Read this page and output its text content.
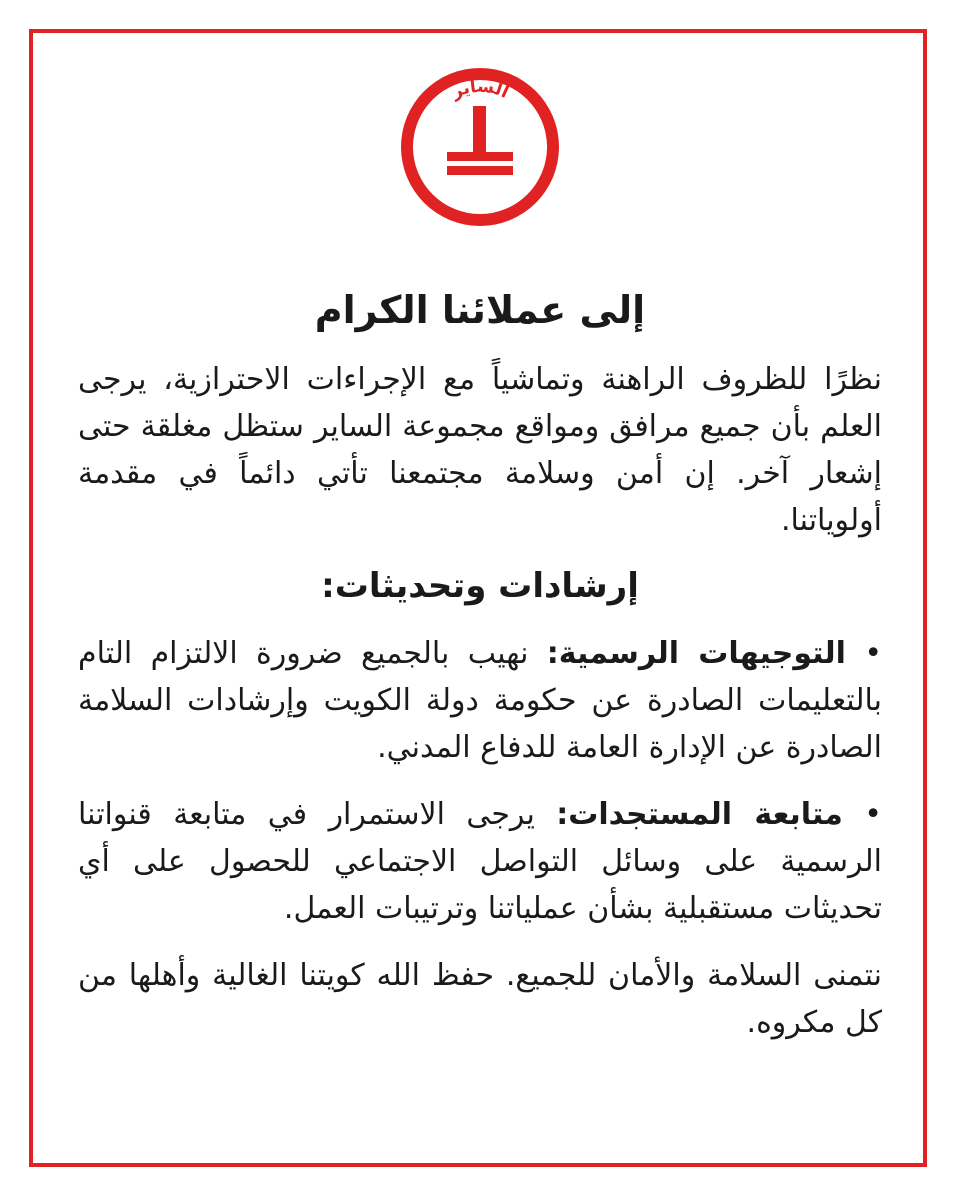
الساير
ALSAYER
إلى عملائنا الكرام

نظرًا للظروف الراهنة وتماشياً مع الإجراءات الاحترازية، يرجى العلم بأن جميع مرافق ومواقع مجموعة الساير ستظل مغلقة حتى إشعار آخر. إن أمن وسلامة مجتمعنا تأتي دائماً في مقدمة أولوياتنا.

إرشادات وتحديثات:

• التوجيهات الرسمية: نهيب بالجميع ضرورة الالتزام التام بالتعليمات الصادرة عن حكومة دولة الكويت وإرشادات السلامة الصادرة عن الإدارة العامة للدفاع المدني.

• متابعة المستجدات: يرجى الاستمرار في متابعة قنواتنا الرسمية على وسائل التواصل الاجتماعي للحصول على أي تحديثات مستقبلية بشأن عملياتنا وترتيبات العمل.

نتمنى السلامة والأمان للجميع. حفظ الله كويتنا الغالية وأهلها من كل مكروه.
